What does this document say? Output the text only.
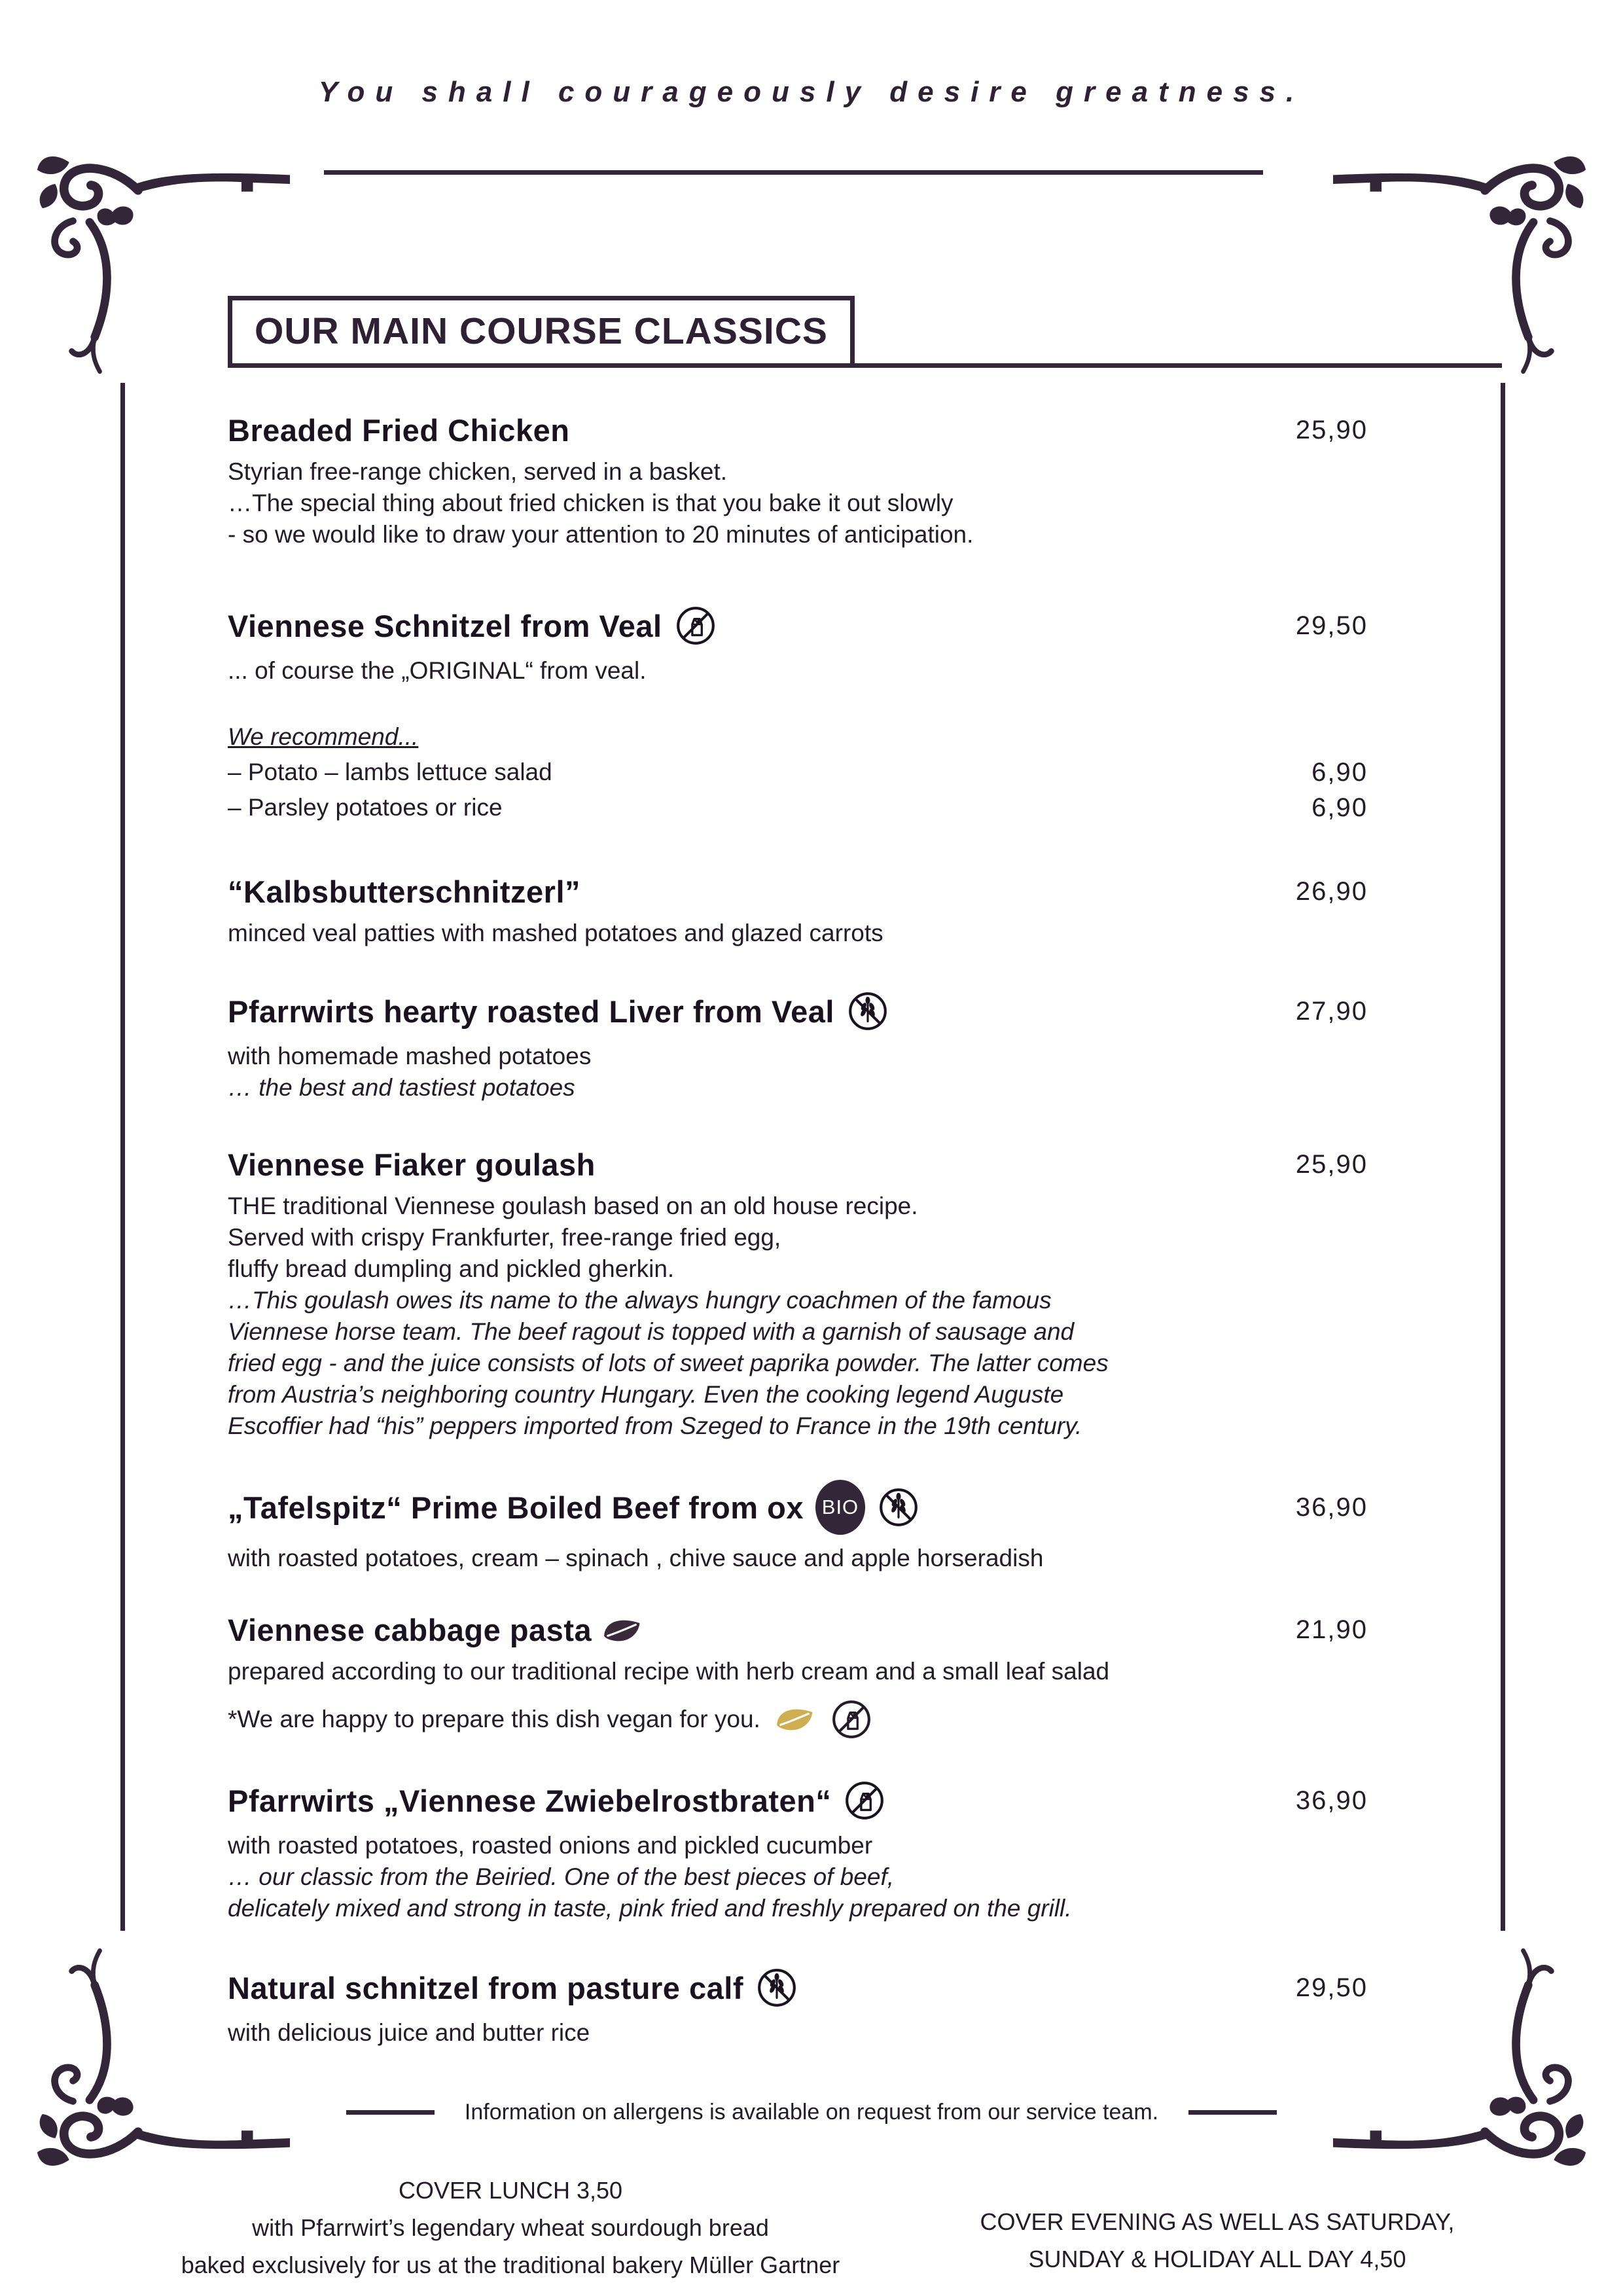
You shall courageously desire greatness.
OUR MAIN COURSE CLASSICS
Breaded Fried Chicken	25,90
Styrian free-range chicken, served in a basket.
…The special thing about fried chicken is that you bake it out slowly
- so we would like to draw your attention to 20 minutes of anticipation.
Viennese Schnitzel from Veal	29,50
... of course the „ORIGINAL“ from veal.
We recommend...
– Potato – lambs lettuce salad	6,90
– Parsley potatoes or rice	6,90
“Kalbsbutterschnitzerl”	26,90
minced veal patties with mashed potatoes and glazed carrots
Pfarrwirts hearty roasted Liver from Veal	27,90
with homemade mashed potatoes
… the best and tastiest potatoes
Viennese Fiaker goulash	25,90
THE traditional Viennese goulash based on an old house recipe.
Served with crispy Frankfurter, free-range fried egg,
fluffy bread dumpling and pickled gherkin.
…This goulash owes its name to the always hungry coachmen of the famous
Viennese horse team. The beef ragout is topped with a garnish of sausage and
fried egg - and the juice consists of lots of sweet paprika powder. The latter comes
from Austria’s neighboring country Hungary. Even the cooking legend Auguste
Escoffier had “his” peppers imported from Szeged to France in the 19th century.
„Tafelspitz“ Prime Boiled Beef from ox BIO	36,90
with roasted potatoes, cream – spinach , chive sauce and apple horseradish
Viennese cabbage pasta	21,90
prepared according to our traditional recipe with herb cream and a small leaf salad
*We are happy to prepare this dish vegan for you.
Pfarrwirts „Viennese Zwiebelrostbraten“	36,90
with roasted potatoes, roasted onions and pickled cucumber
… our classic from the Beiried. One of the best pieces of beef,
delicately mixed and strong in taste, pink fried and freshly prepared on the grill.
Natural schnitzel from pasture calf	29,50
with delicious juice and butter rice
Information on allergens is available on request from our service team.
COVER LUNCH 3,50
with Pfarrwirt’s legendary wheat sourdough bread
baked exclusively for us at the traditional bakery Müller Gartner
COVER EVENING AS WELL AS SATURDAY,
SUNDAY & HOLIDAY ALL DAY 4,50
